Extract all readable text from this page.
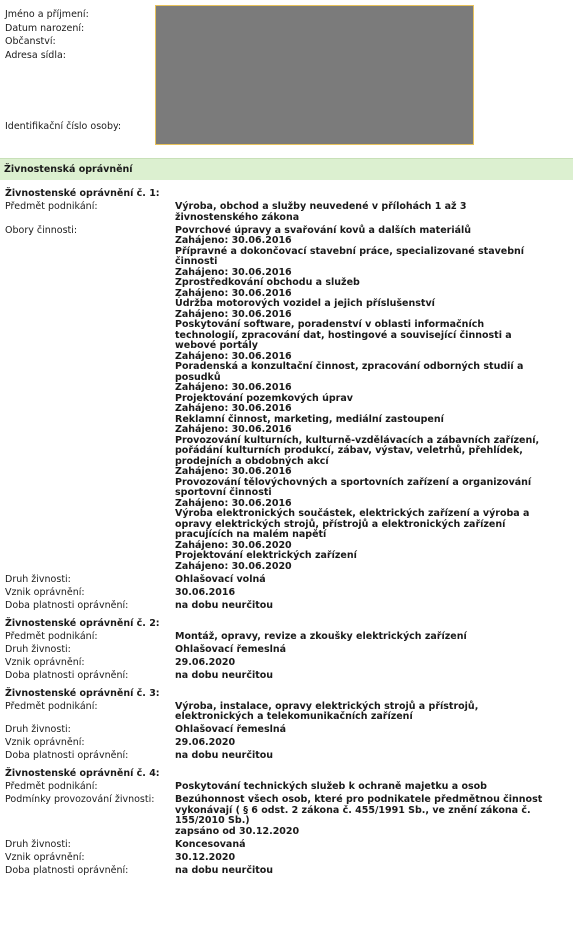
Jméno a příjmení:
Datum narození:
Občanství:
Adresa sídla:
Identifikační číslo osoby:
Živnostenská oprávnění
Živnostenské oprávnění č. 1:
Předmět podnikání:	Výroba, obchod a služby neuvedené v přílohách 1 až 3 živnostenského zákona
Obory činnosti:	Povrchové úpravy a svařování kovů a dalších materiálů
Zahájeno: 30.06.2016
Přípravné a dokončovací stavební práce, specializované stavební činnosti
Zahájeno: 30.06.2016
Zprostředkování obchodu a služeb
Zahájeno: 30.06.2016
Údržba motorových vozidel a jejich příslušenství
Zahájeno: 30.06.2016
Poskytování software, poradenství v oblasti informačních technologií, zpracování dat, hostingové a související činnosti a webové portály
Zahájeno: 30.06.2016
Poradenská a konzultační činnost, zpracování odborných studií a posudků
Zahájeno: 30.06.2016
Projektování pozemkových úprav
Zahájeno: 30.06.2016
Reklamní činnost, marketing, mediální zastoupení
Zahájeno: 30.06.2016
Provozování kulturních, kulturně-vzdělávacích a zábavních zařízení, pořádání kulturních produkcí, zábav, výstav, veletrhů, přehlídek, prodejních a obdobných akcí
Zahájeno: 30.06.2016
Provozování tělovýchovných a sportovních zařízení a organizování sportovní činnosti
Zahájeno: 30.06.2016
Výroba elektronických součástek, elektrických zařízení a výroba a opravy elektrických strojů, přístrojů a elektronických zařízení pracujících na malém napětí
Zahájeno: 30.06.2020
Projektování elektrických zařízení
Zahájeno: 30.06.2020
Druh živnosti:	Ohlašovací volná
Vznik oprávnění:	30.06.2016
Doba platnosti oprávnění:	na dobu neurčitou
Živnostenské oprávnění č. 2:
Předmět podnikání:	Montáž, opravy, revize a zkoušky elektrických zařízení
Druh živnosti:	Ohlašovací řemeslná
Vznik oprávnění:	29.06.2020
Doba platnosti oprávnění:	na dobu neurčitou
Živnostenské oprávnění č. 3:
Předmět podnikání:	Výroba, instalace, opravy elektrických strojů a přístrojů, elektronických a telekomunikačních zařízení
Druh živnosti:	Ohlašovací řemeslná
Vznik oprávnění:	29.06.2020
Doba platnosti oprávnění:	na dobu neurčitou
Živnostenské oprávnění č. 4:
Předmět podnikání:	Poskytování technických služeb k ochraně majetku a osob
Podmínky provozování živnosti:	Bezúhonnost všech osob, které pro podnikatele předmětnou činnost vykonávají ( § 6 odst. 2 zákona č. 455/1991 Sb., ve znění zákona č. 155/2010 Sb.)
zapsáno od 30.12.2020
Druh živnosti:	Koncesovaná
Vznik oprávnění:	30.12.2020
Doba platnosti oprávnění:	na dobu neurčitou
